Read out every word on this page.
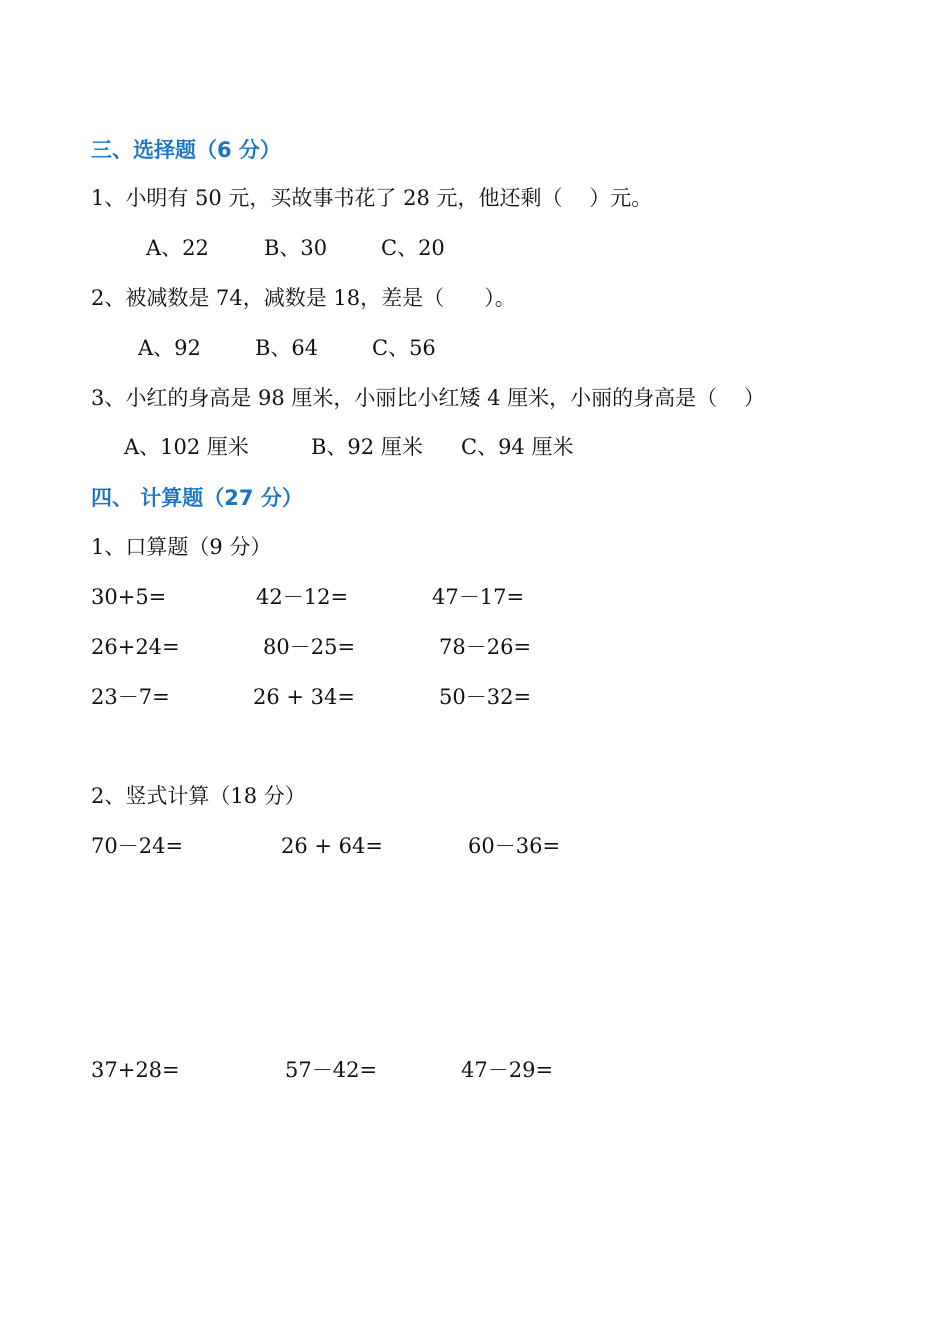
三、选择题（6 分）
1、小明有 50 元，买故事书花了 28 元，他还剩（    ）元。
A、22	B、30	C、20
2、被减数是 74，减数是 18，差是（      ）。
A、92	B、64	C、56
3、小红的身高是 98 厘米，小丽比小红矮 4 厘米，小丽的身高是（    ）
A、102 厘米	B、92 厘米 C、94 厘米
四、 计算题（27 分）
1、口算题（9 分）
30+5=	42－12=	47－17=
26+24=	80－25=	78－26=
23－7=	26 + 34=	50－32=
2、竖式计算（18 分）
70－24=	26 + 64=	60－36=
37+28=	57－42=	47－29=
